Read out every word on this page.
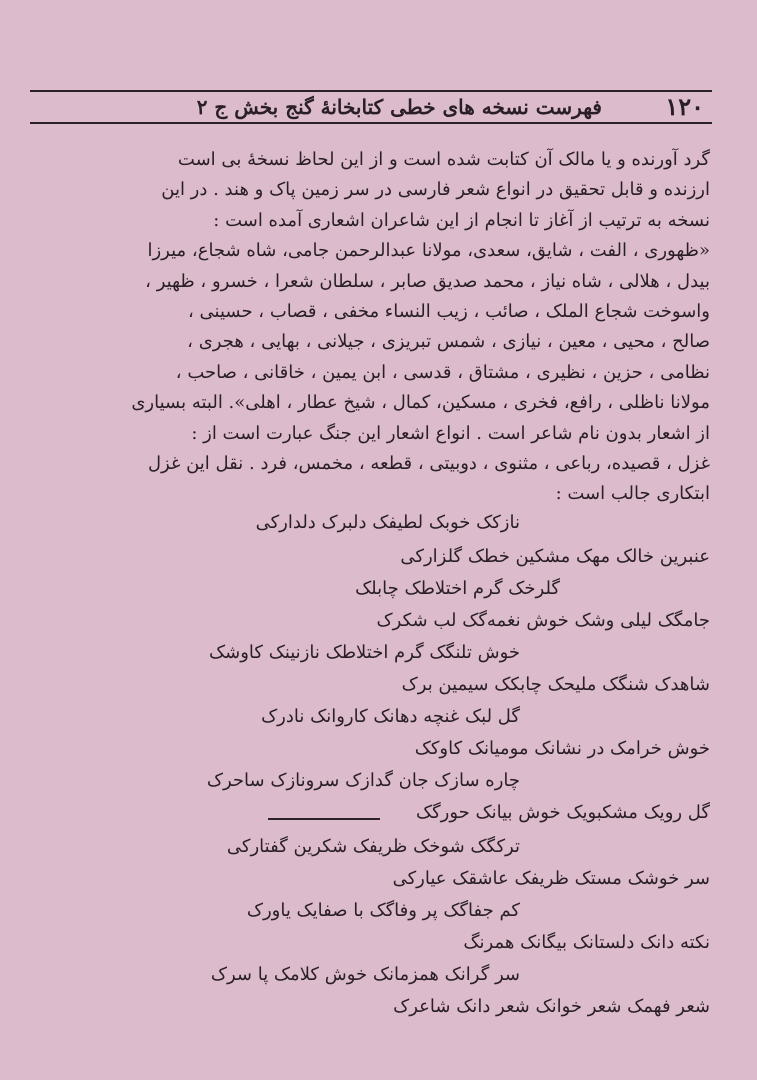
١٢٠
فهرست نسخه های خطی کتابخانهٔ گنج بخش ج ۲
گرد آورنده و یا مالک آن کتابت شده است و از این لحاظ نسخهٔ بی است
ارزنده و قابل تحقیق در انواع شعر فارسی در سر زمین پاک و هند . در این
نسخه به ترتیب از آغاز تا انجام از این شاعران اشعاری آمده است :
«ظهوری ، الفت ، شایق، سعدی، مولانا عبدالرحمن جامی، شاه شجاع، میرزا
بیدل ، هلالی ، شاه نیاز ، محمد صدیق صابر ، سلطان شعرا ، خسرو ، ظهیر ،
واسوخت شجاع الملک ، صائب ، زیب النساء مخفی ، قصاب ، حسینی ،
صالح ، محیی ، معین ، نیازی ، شمس تبریزی ، جیلانی ، بهایی ، هجری ،
نظامی ، حزین ، نظیری ، مشتاق ، قدسی ، ابن یمین ، خاقانی ، صاحب ،
مولانا ناظلی ، رافع، فخری ، مسکین، کمال ، شیخ عطار ، اهلی». البته بسیاری
از اشعار بدون نام شاعر است . انواع اشعار این جنگ عبارت است از :
غزل ، قصیده، رباعی ، مثنوی ، دوبیتی ، قطعه ، مخمس، فرد . نقل این غزل
ابتکاری جالب است :
نازکک خوبک لطیفک دلبرک دلدارکی
عنبرین خالک مهک مشکین خطک گلزارکی
گلرخک گرم اختلاطک چابلک
جامگک لیلی وشک خوش نغمه‌گک لب شکرک
خوش تلنگک گرم اختلاطک نازنینک کاوشک
شاهدک شنگک ملیحک چابکک سیمین برک
گل لبک غنچه دهانک کاروانک نادرک
خوش خرامک در نشانک مومیانک کاوکک
چاره سازک جان گدازک سرونازک ساحرک
گل رویک مشکبویک خوش بیانک حورگک
ترکگک شوخک ظریفک شکرین گفتارکی
سر خوشک مستک ظریفک عاشقک عیارکی
کم جفاگک پر وفاگک با صفایک یاورک
نکته دانک دلستانک بیگانک همرنگ
سر گرانک همزمانک خوش کلامک پا سرک
شعر فهمک شعر خوانک شعر دانک شاعرک
